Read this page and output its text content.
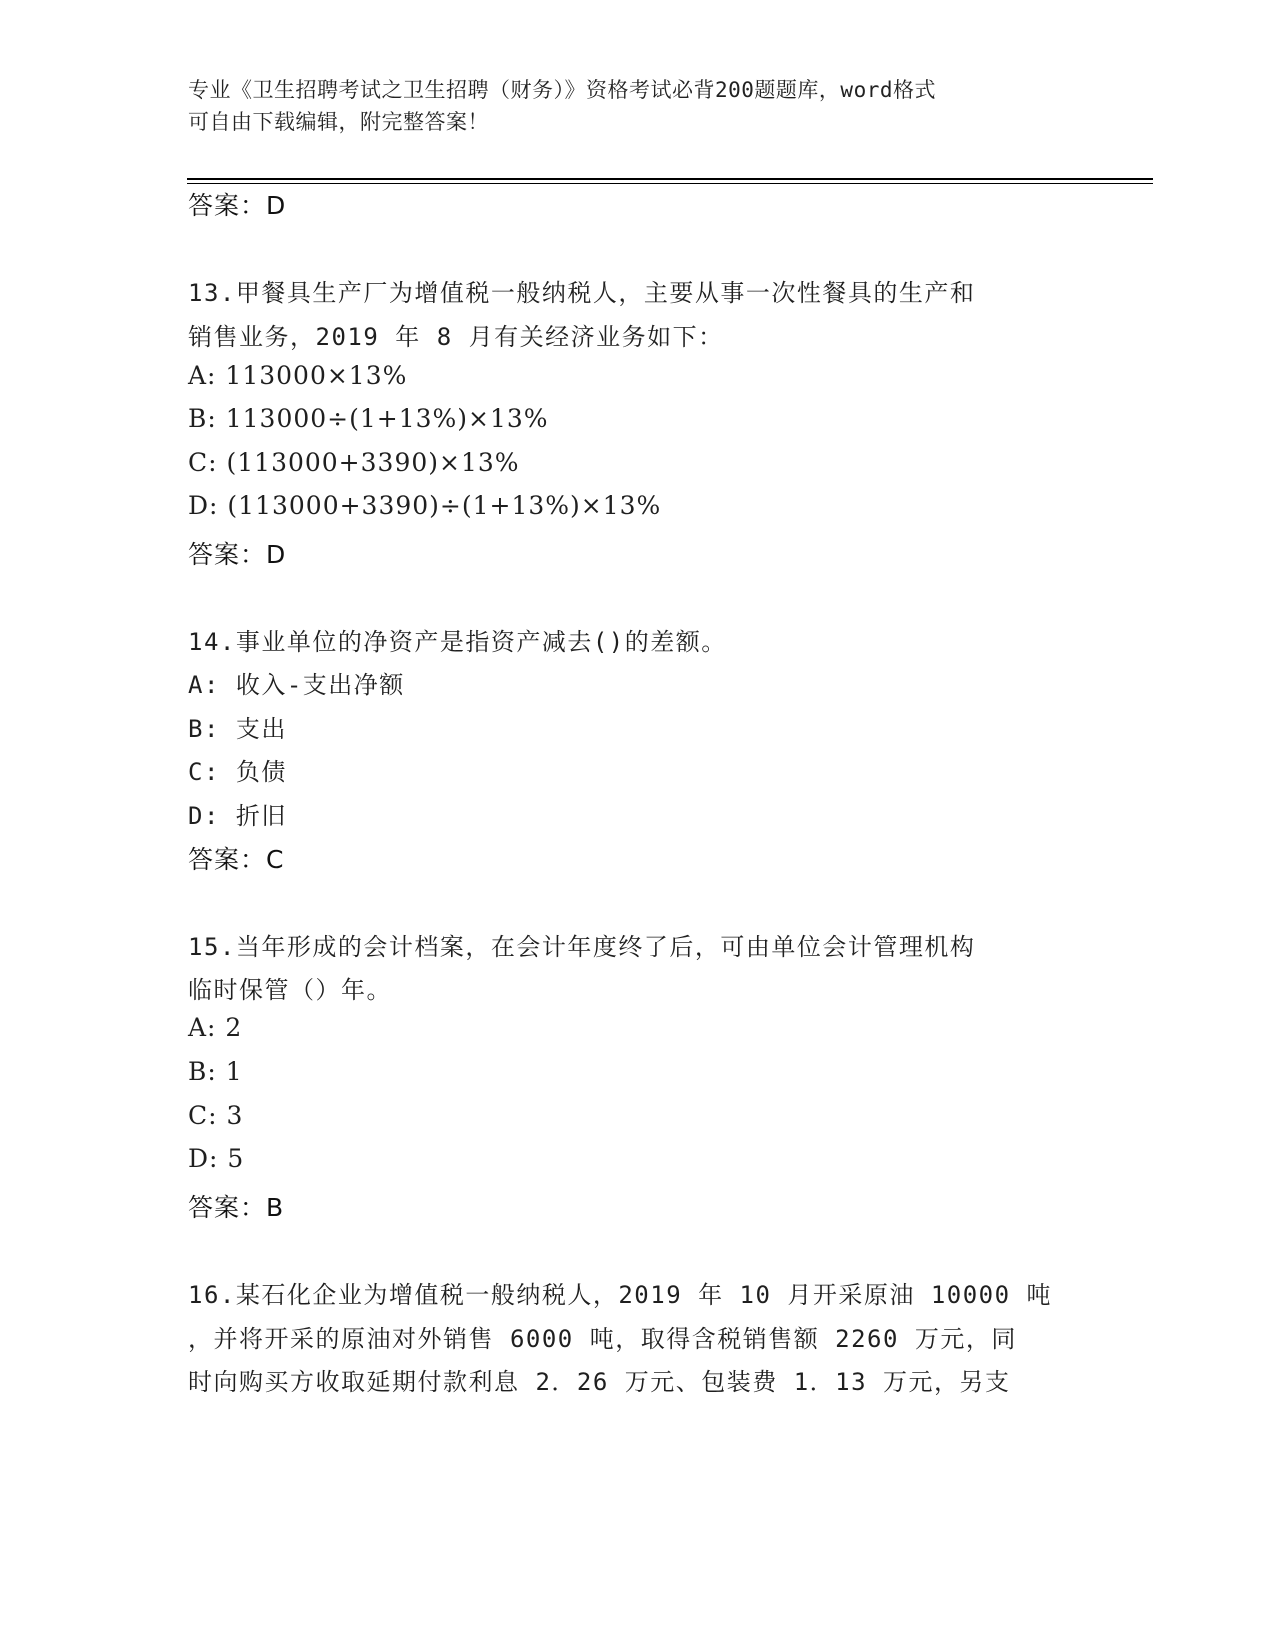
专业《卫生招聘考试之卫生招聘（财务）》资格考试必背200题题库，word格式

可自由下载编辑，附完整答案！

答案：D
13.甲餐具生产厂为增值税一般纳税人，主要从事一次性餐具的生产和
销售业务，2019 年 8 月有关经济业务如下：
A: 113000×13%
B: 113000÷(1+13%)×13%
C: (113000+3390)×13%
D: (113000+3390)÷(1+13%)×13%
答案：D
14.事业单位的净资产是指资产减去()的差额。
A: 收入-支出净额
B: 支出
C: 负债
D: 折旧
答案：C
15.当年形成的会计档案，在会计年度终了后，可由单位会计管理机构
临时保管（）年。
A: 2
B: 1
C: 3
D: 5
答案：B
16.某石化企业为增值税一般纳税人，2019 年 10 月开采原油 10000 吨
，并将开采的原油对外销售 6000 吨，取得含税销售额 2260 万元，同
时向购买方收取延期付款利息 2．26 万元、包装费 1．13 万元，另支
